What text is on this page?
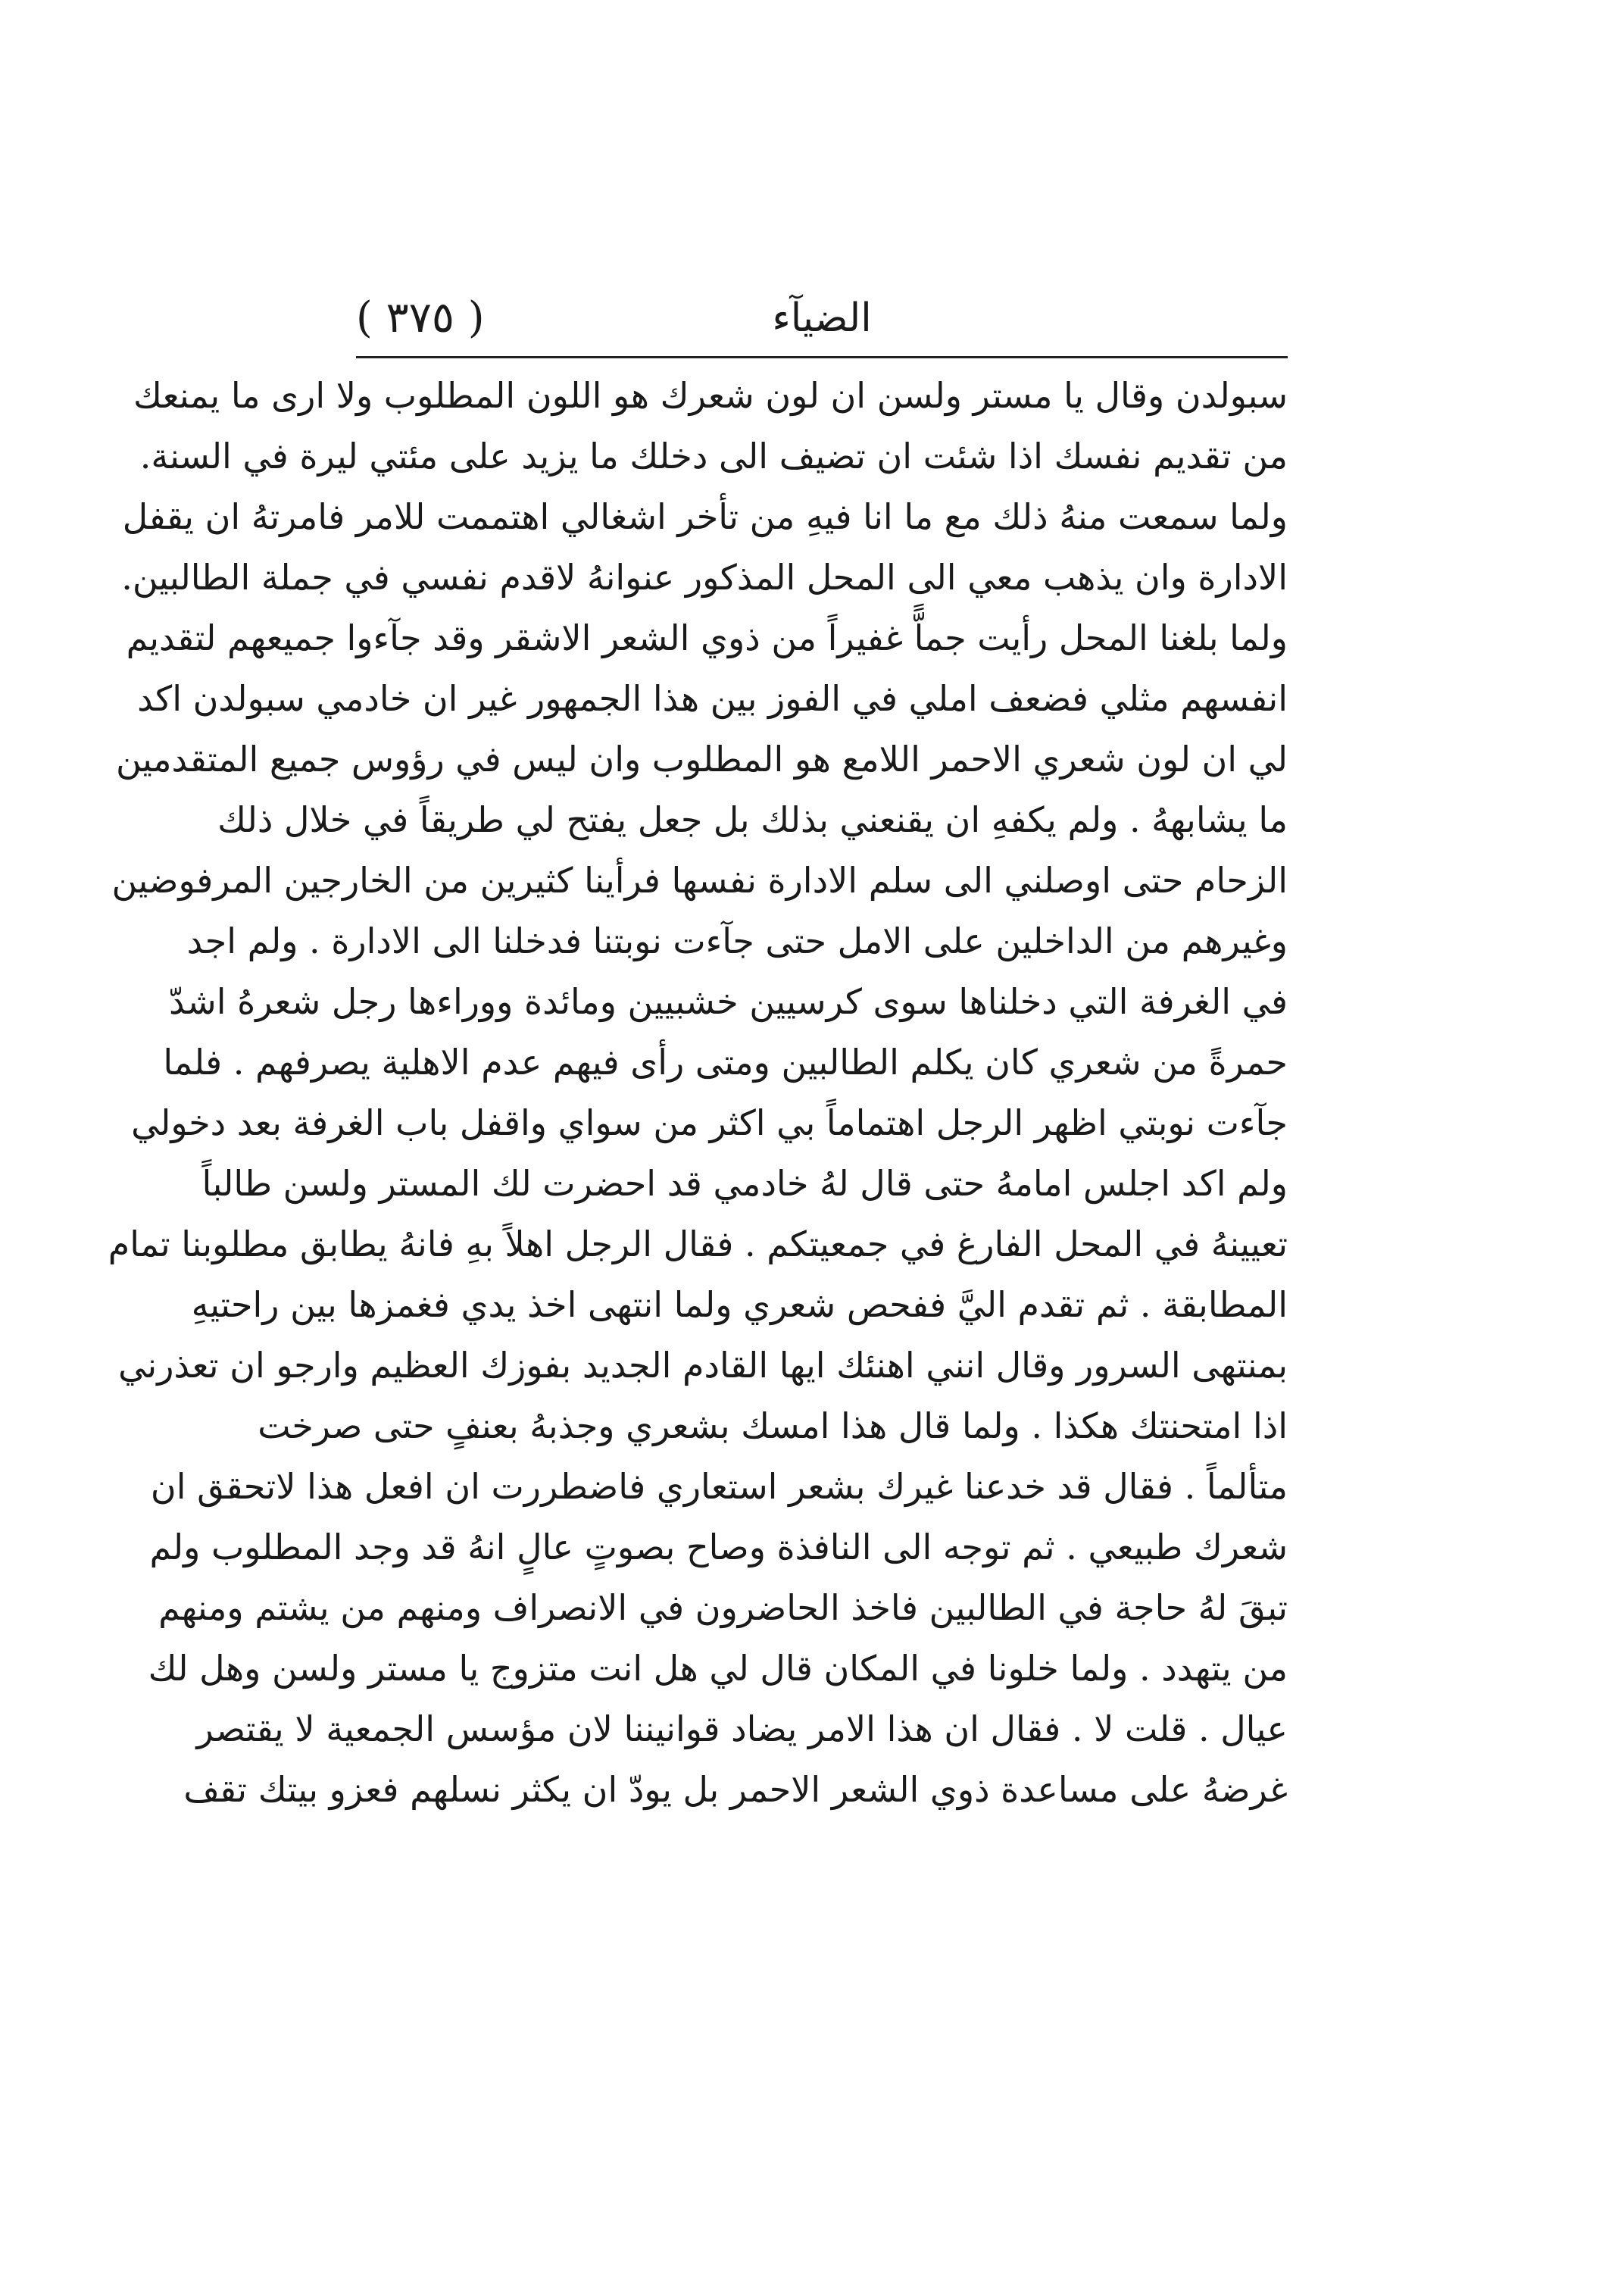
( ٣٧٥ )	الضيآء
سبولدن وقال يا مستر ولسن ان لون شعرك هو اللون المطلوب ولا ارى ما يمنعك
من تقديم نفسك اذا شئت ان تضيف الى دخلك ما يزيد على مئتي ليرة في السنة.
ولما سمعت منهُ ذلك مع ما انا فيهِ من تأخر اشغالي اهتممت للامر فامرتهُ ان يقفل
الادارة وان يذهب معي الى المحل المذكور عنوانهُ لاقدم نفسي في جملة الطالبين.
ولما بلغنا المحل رأيت جماًّ غفيراً من ذوي الشعر الاشقر وقد جآءوا جميعهم لتقديم
انفسهم مثلي فضعف املي في الفوز بين هذا الجمهور غير ان خادمي سبولدن اكد
لي ان لون شعري الاحمر اللامع هو المطلوب وان ليس في رؤوس جميع المتقدمين
ما يشابههُ . ولم يكفهِ ان يقنعني بذلك بل جعل يفتح لي طريقاً في خلال ذلك
الزحام حتى اوصلني الى سلم الادارة نفسها فرأينا كثيرين من الخارجين المرفوضين
وغيرهم من الداخلين على الامل حتى جآءت نوبتنا فدخلنا الى الادارة . ولم اجد
في الغرفة التي دخلناها سوى كرسيين خشبيين ومائدة ووراءها رجل شعرهُ اشدّ
حمرةً من شعري كان يكلم الطالبين ومتى رأى فيهم عدم الاهلية يصرفهم . فلما
جآءت نوبتي اظهر الرجل اهتماماً بي اكثر من سواي واقفل باب الغرفة بعد دخولي
ولم اكد اجلس امامهُ حتى قال لهُ خادمي قد احضرت لك المستر ولسن طالباً
تعيينهُ في المحل الفارغ في جمعيتكم . فقال الرجل اهلاً بهِ فانهُ يطابق مطلوبنا تمام
المطابقة . ثم تقدم اليَّ ففحص شعري ولما انتهى اخذ يدي فغمزها بين راحتيهِ
بمنتهى السرور وقال انني اهنئك ايها القادم الجديد بفوزك العظيم وارجو ان تعذرني
اذا امتحنتك هكذا . ولما قال هذا امسك بشعري وجذبهُ بعنفٍ حتى صرخت
متألماً . فقال قد خدعنا غيرك بشعر استعاري فاضطررت ان افعل هذا لاتحقق ان
شعرك طبيعي . ثم توجه الى النافذة وصاح بصوتٍ عالٍ انهُ قد وجد المطلوب ولم
تبقَ لهُ حاجة في الطالبين فاخذ الحاضرون في الانصراف ومنهم من يشتم ومنهم
من يتهدد . ولما خلونا في المكان قال لي هل انت متزوج يا مستر ولسن وهل لك
عيال . قلت لا . فقال ان هذا الامر يضاد قوانيننا لان مؤسس الجمعية لا يقتصر
غرضهُ على مساعدة ذوي الشعر الاحمر بل يودّ ان يكثر نسلهم فعزو بيتك تقف
